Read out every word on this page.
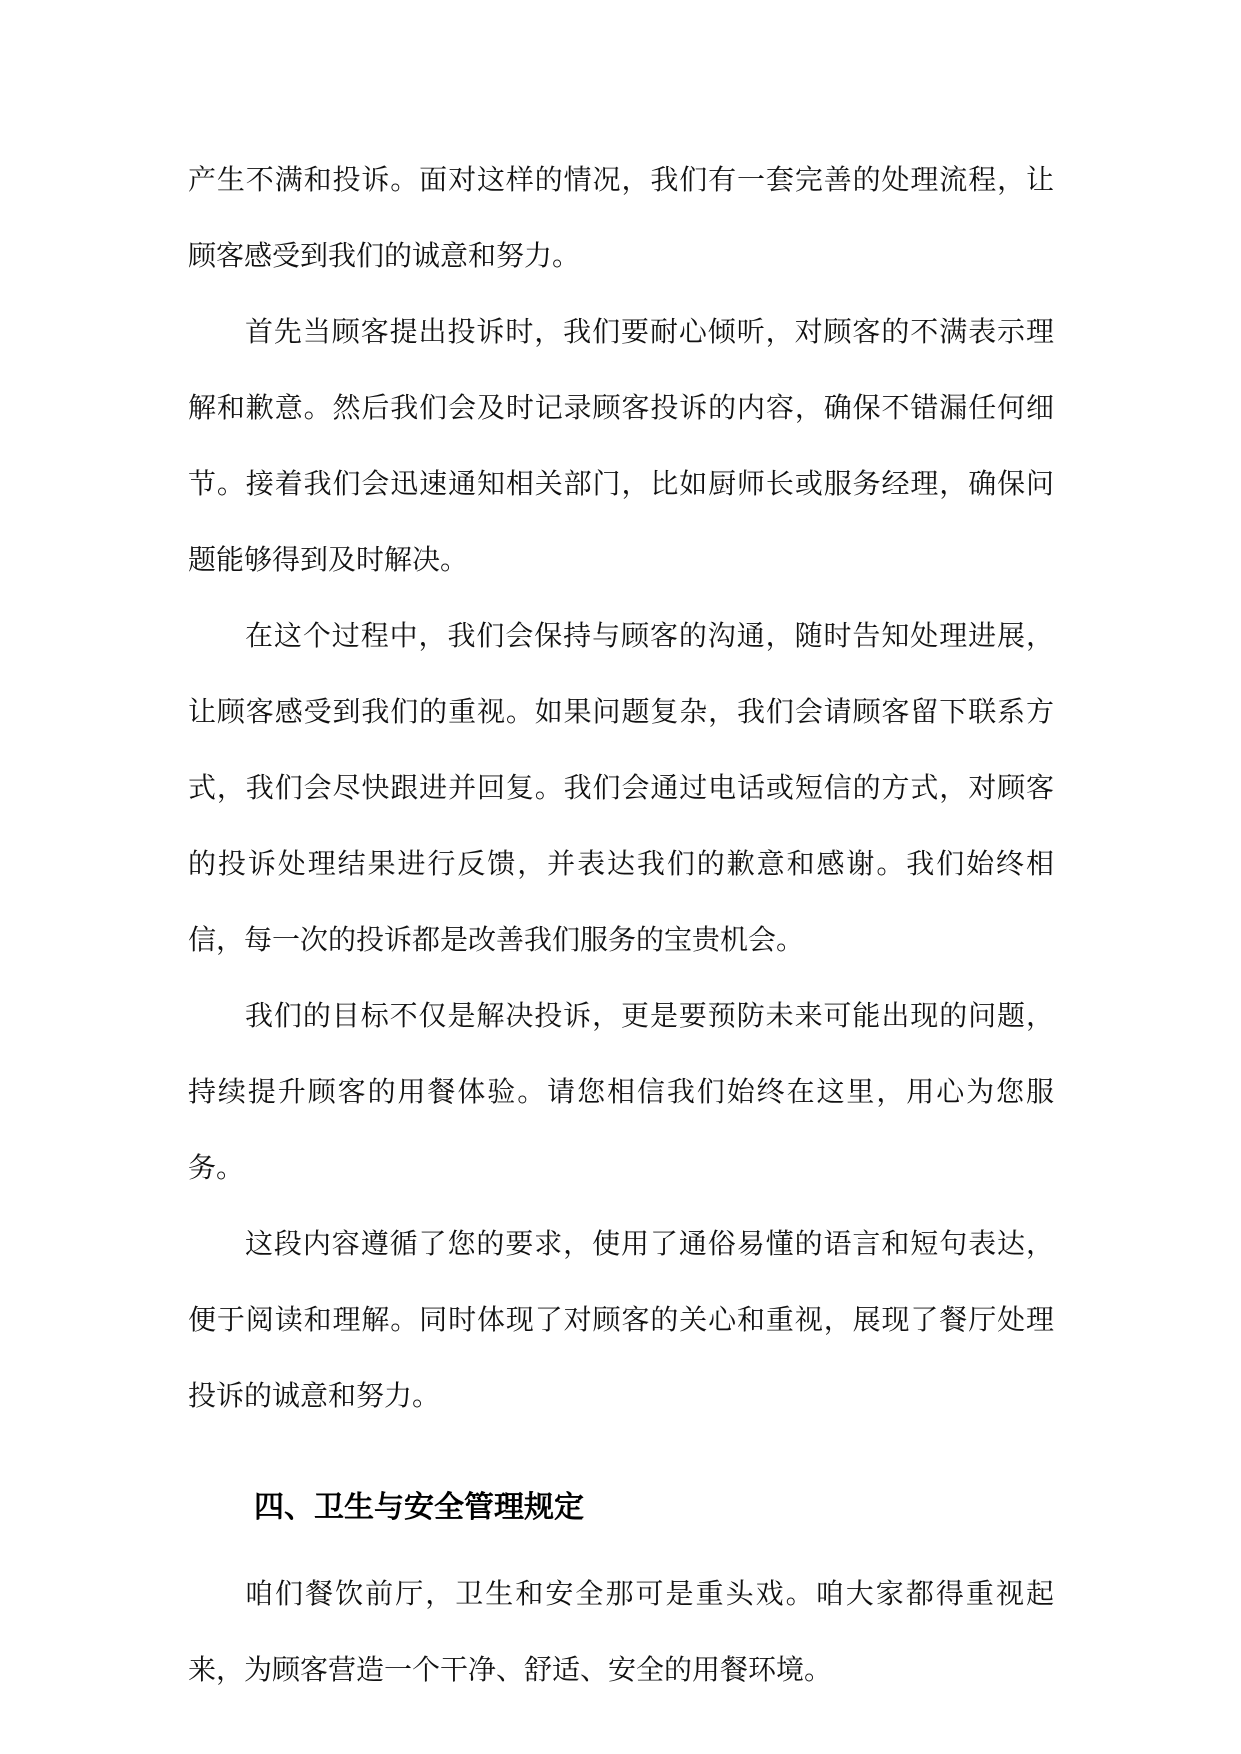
产生不满和投诉。面对这样的情况，我们有一套完善的处理流程，让顾客感受到我们的诚意和努力。

首先当顾客提出投诉时，我们要耐心倾听，对顾客的不满表示理解和歉意。然后我们会及时记录顾客投诉的内容，确保不错漏任何细节。接着我们会迅速通知相关部门，比如厨师长或服务经理，确保问题能够得到及时解决。

在这个过程中，我们会保持与顾客的沟通，随时告知处理进展，让顾客感受到我们的重视。如果问题复杂，我们会请顾客留下联系方式，我们会尽快跟进并回复。我们会通过电话或短信的方式，对顾客的投诉处理结果进行反馈，并表达我们的歉意和感谢。我们始终相信，每一次的投诉都是改善我们服务的宝贵机会。

我们的目标不仅是解决投诉，更是要预防未来可能出现的问题，持续提升顾客的用餐体验。请您相信我们始终在这里，用心为您服务。

这段内容遵循了您的要求，使用了通俗易懂的语言和短句表达，便于阅读和理解。同时体现了对顾客的关心和重视，展现了餐厅处理投诉的诚意和努力。

四、卫生与安全管理规定

咱们餐饮前厅，卫生和安全那可是重头戏。咱大家都得重视起来，为顾客营造一个干净、舒适、安全的用餐环境。
